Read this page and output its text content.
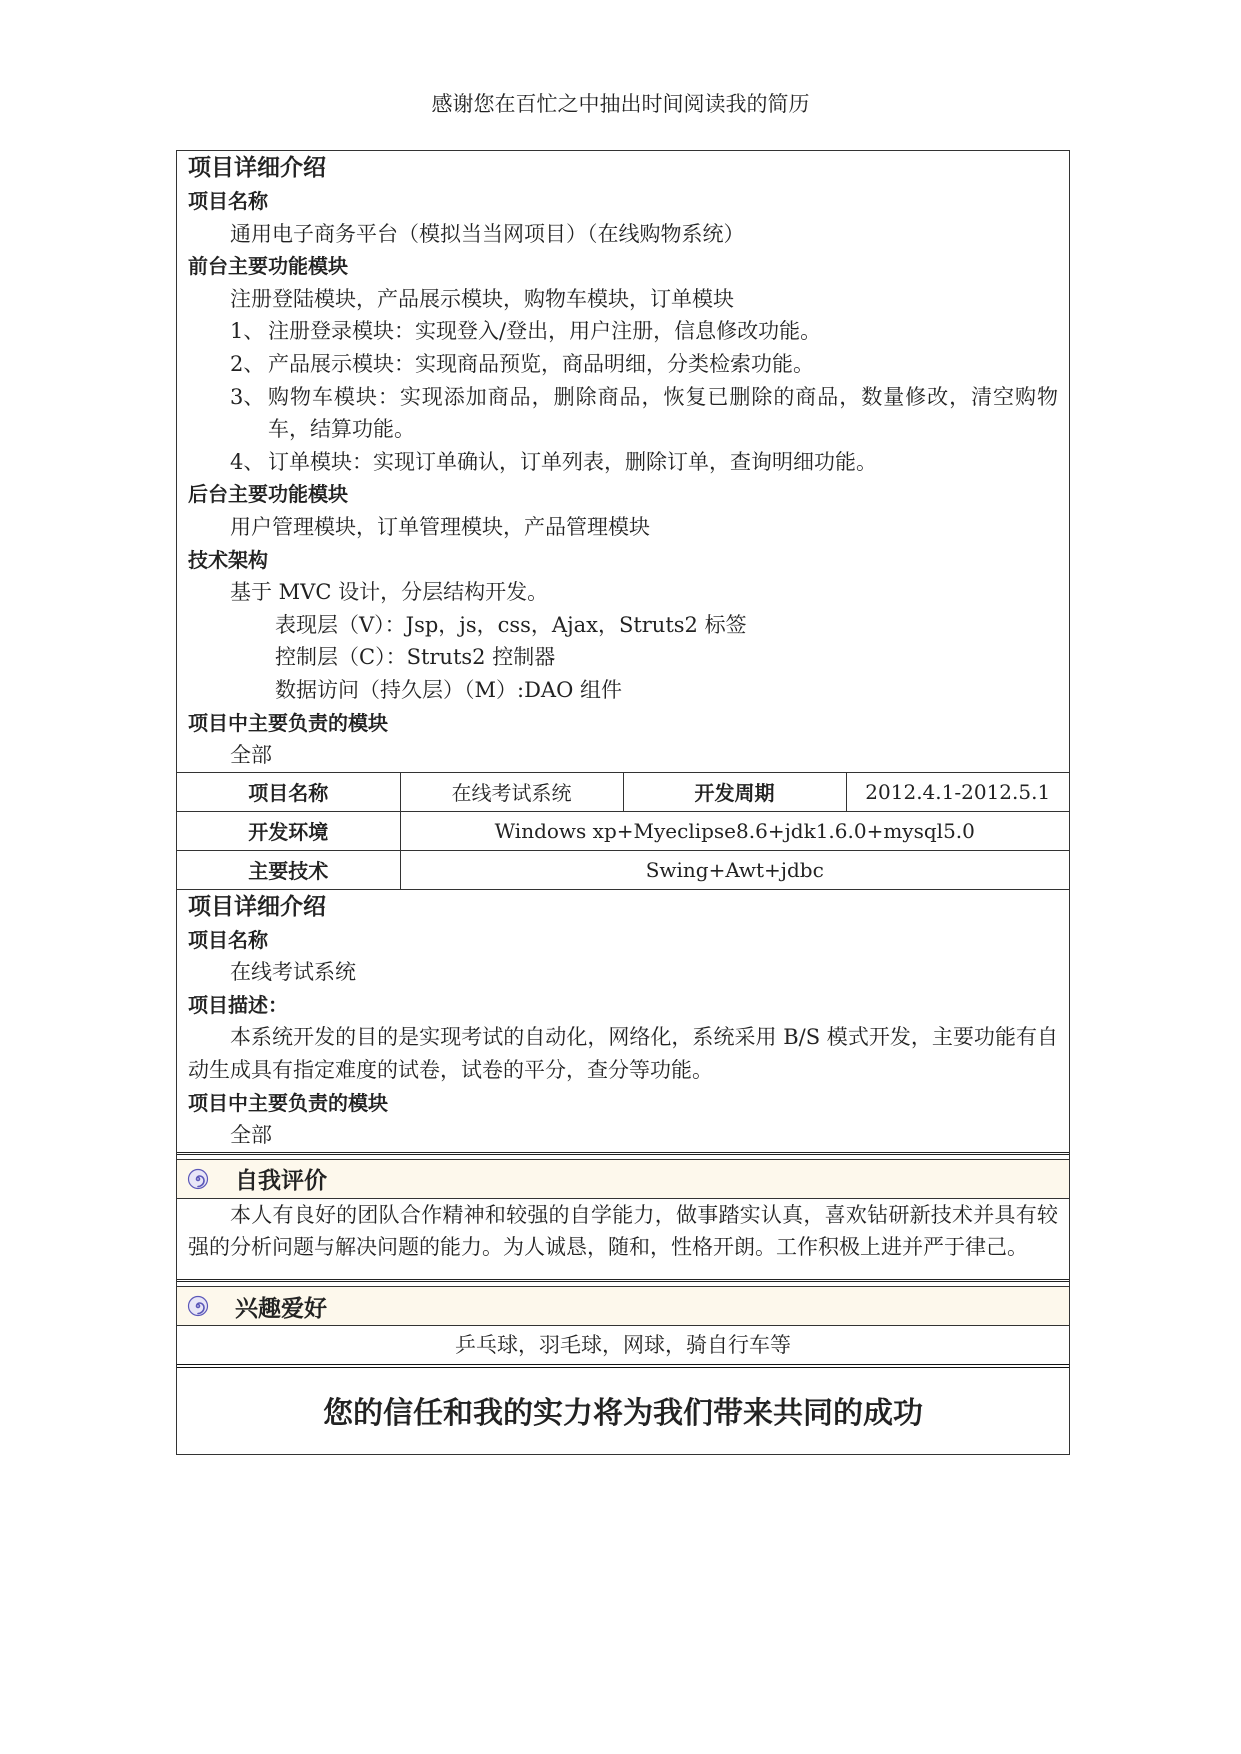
感谢您在百忙之中抽出时间阅读我的简历
项目详细介绍
项目名称
通用电子商务平台（模拟当当网项目）（在线购物系统）
前台主要功能模块
注册登陆模块，产品展示模块，购物车模块，订单模块
1、 注册登录模块：实现登入/登出，用户注册，信息修改功能。
2、 产品展示模块：实现商品预览，商品明细，分类检索功能。
3、 购物车模块：实现添加商品，删除商品，恢复已删除的商品，数量修改，清空购物车，结算功能。
4、 订单模块：实现订单确认，订单列表，删除订单，查询明细功能。
后台主要功能模块
用户管理模块，订单管理模块，产品管理模块
技术架构
基于 MVC 设计，分层结构开发。
表现层（V）：Jsp，js，css，Ajax，Struts2 标签
控制层（C）：Struts2 控制器
数据访问（持久层）（M）:DAO 组件
项目中主要负责的模块
全部
项目名称	在线考试系统	开发周期	2012.4.1-2012.5.1
开发环境	Windows xp+Myeclipse8.6+jdk1.6.0+mysql5.0		
主要技术	Swing+Awt+jdbc		
项目详细介绍
项目名称
在线考试系统
项目描述：
本系统开发的目的是实现考试的自动化，网络化，系统采用 B/S 模式开发，主要功能有自动生成具有指定难度的试卷，试卷的平分，查分等功能。
项目中主要负责的模块
全部
自我评价
本人有良好的团队合作精神和较强的自学能力，做事踏实认真，喜欢钻研新技术并具有较强的分析问题与解决问题的能力。为人诚恳，随和，性格开朗。工作积极上进并严于律己。
兴趣爱好
乒乓球，羽毛球，网球，骑自行车等
您的信任和我的实力将为我们带来共同的成功
